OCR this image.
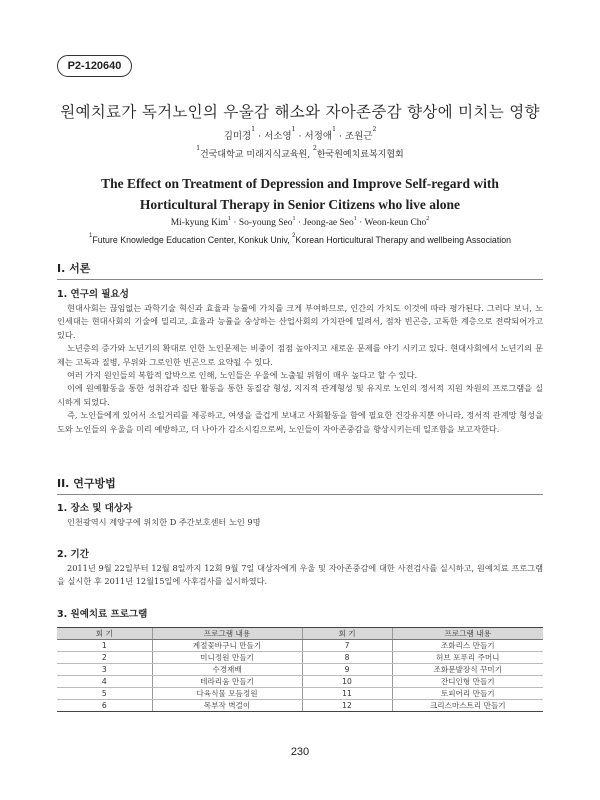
P2-120640
원예치료가 독거노인의 우울감 해소와 자아존중감 향상에 미치는 영향
김미경$^1$ · 서소영$^1$ · 서정애$^1$ · 조원근$^2$
$^1$건국대학교 미래지식교육원, $^2$한국원예치료복지협회
The Effect on Treatment of Depression and Improve Self-regard with
Horticultural Therapy in Senior Citizens who live alone
Mi-kyung Kim$^1$ · So-young Seo$^1$ · Jeong-ae Seo$^1$ · Weon-keun Cho$^2$
$^1$Future Knowledge Education Center, Konkuk Univ, $^2$Korean Horticultural Therapy and wellbeing Association
I. 서론
1. 연구의 필요성

현대사회는 끊임없는 과학기술 혁신과 효율과 능률에 가치를 크게 부여하므로, 인간의 가치도 이것에 따라 평가된다. 그러다 보니, 노인세대는 현대사회의 기술에 밀리고, 효율과 능률을 숭상하는 산업사회의 가치관에 밀려서, 점차 빈곤층, 고독한 계층으로 전락되어가고 있다.

노년층의 증가와 노년기의 확대로 인한 노인문제는 비중이 점점 높아지고 새로운 문제를 야기 시키고 있다. 현대사회에서 노년기의 문제는 고독과 질병, 무위와 그로인한 빈곤으로 요약될 수 있다.

여러 가지 원인들의 복합적 압박으로 인해, 노인들은 우울에 노출될 위험이 매우 높다고 할 수 있다.

이에 원예활동을 통한 성취감과 집단 활동을 통한 동질감 형성, 지지적 관계형성 및 유지로 노인의 정서적 지원 차원의 프로그램을 실시하게 되었다.

즉, 노인들에게 있어서 소일거리를 제공하고, 여생을 즐겁게 보내고 사회활동을 함에 필요한 건강유지뿐 아니라, 정서적 관계망 형성을 도와 노인들의 우울을 미리 예방하고, 더 나아가 감소시킴으로써, 노인들이 자아존중감을 향상시키는데 일조함을 보고자한다.

II. 연구방법
1. 장소 및 대상자

인천광역시 계양구에 위치한 D 주간보호센터 노인 9명

2. 기간

2011년 9월 22일부터 12월 8일까지 12회 9월 7일 대상자에게 우울 및 자아존중감에 대한 사전검사를 실시하고, 원예치료 프로그램을 실시한 후 2011년 12월15일에 사후검사를 실시하였다.

3. 원예치료 프로그램
회 기	프로그램 내용	회 기	프로그램 내용
1	계절꽃바구니 만들기	7	조화리스 만들기
2	미니정원 만들기	8	허브 포푸리 주머니
3	수경재배	9	조화문발장식 꾸미기
4	테라리움 만들기	10	잔디인형 만들기
5	다육식물 모듬정원	11	토피어리 만들기
6	목부작 벽걸이	12	크리스마스트리 만들기
230
